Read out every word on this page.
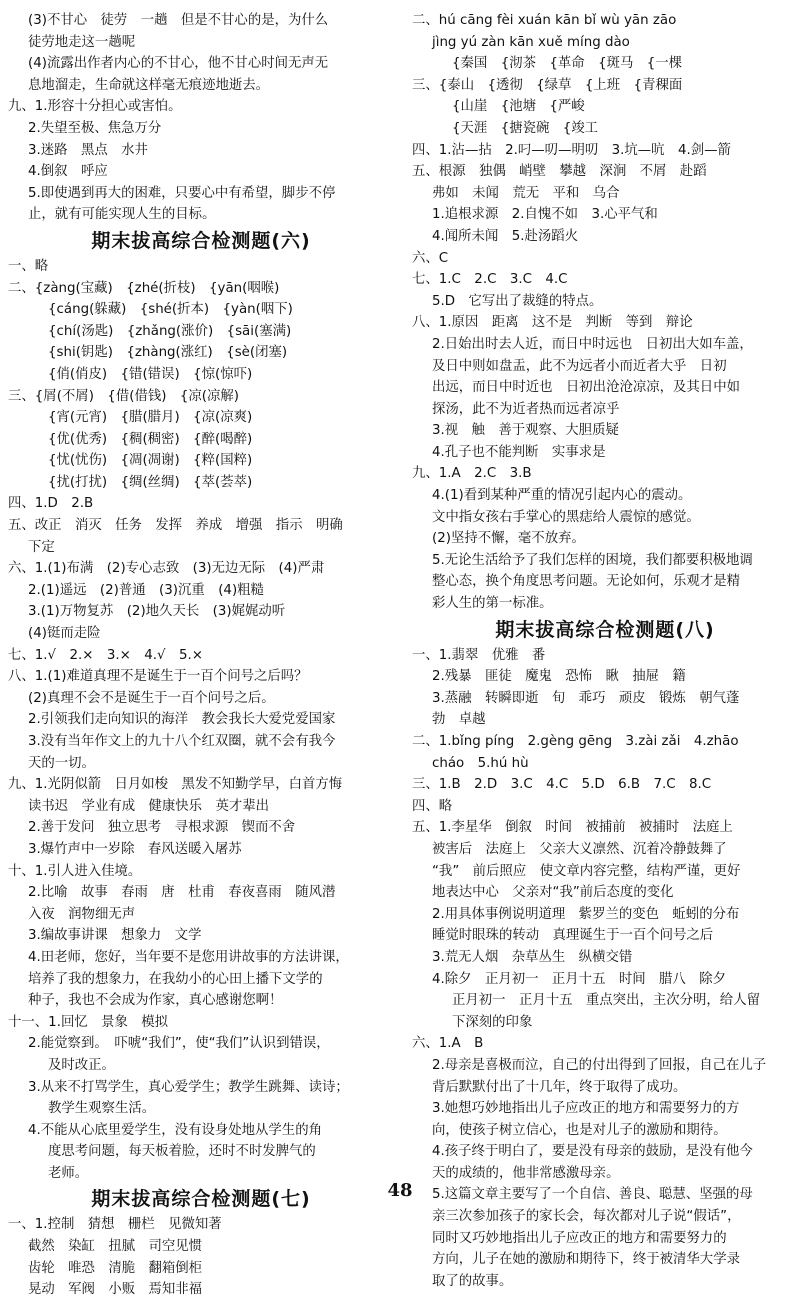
(3)不甘心　徒劳　一趟　但是不甘心的是，为什么
徒劳地走这一趟呢
(4)流露出作者内心的不甘心，他不甘心时间无声无
息地溜走，生命就这样毫无痕迹地逝去。
九、1.形容十分担心或害怕。
2.失望至极、焦急万分
3.迷路　黑点　水井
4.倒叙　呼应
5.即使遇到再大的困难，只要心中有希望，脚步不停
止，就有可能实现人生的目标。
期末拔高综合检测题(六)
一、略
二、{zàng(宝藏)　{zhé(折枝)　{yān(咽喉)
{cáng(躲藏)　{shé(折本)　{yàn(咽下)
{chí(汤匙)　{zhǎng(涨价)　{sāi(塞满)
{shi(钥匙)　{zhàng(涨红)　{sè(闭塞)
{俏(俏皮)　{错(错误)　{惊(惊吓)
三、{屑(不屑)　{借(借钱)　{凉(凉解)
{宵(元宵)　{腊(腊月)　{凉(凉爽)
{优(优秀)　{稠(稠密)　{醉(喝醉)
{忧(忧伤)　{凋(凋谢)　{粹(国粹)
{扰(打扰)　{绸(丝绸)　{萃(荟萃)
四、1.D　2.B
五、改正　消灭　任务　发挥　养成　增强　指示　明确
下定
六、1.(1)布满　(2)专心志致　(3)无边无际　(4)严肃
2.(1)遥远　(2)普通　(3)沉重　(4)粗糙
3.(1)万物复苏　(2)地久天长　(3)娓娓动听
(4)铤而走险
七、1.√　2.×　3.×　4.√　5.×
八、1.(1)难道真理不是诞生于一百个问号之后吗？
(2)真理不会不是诞生于一百个问号之后。
2.引领我们走向知识的海洋　教会我长大爱党爱国家
3.没有当年作文上的九十八个红双圈，就不会有我今
天的一切。
九、1.光阴似箭　日月如梭　黑发不知勤学早，白首方悔
读书迟　学业有成　健康快乐　英才辈出
2.善于发问　独立思考　寻根求源　锲而不舍
3.爆竹声中一岁除　春风送暖入屠苏
十、1.引人进入佳境。
2.比喻　故事　春雨　唐　杜甫　春夜喜雨　随风潜
入夜　润物细无声
3.编故事讲课　想象力　文学
4.田老师，您好，当年要不是您用讲故事的方法讲课，
培养了我的想象力，在我幼小的心田上播下文学的
种子，我也不会成为作家，真心感谢您啊！
十一、1.回忆　景象　模拟
2.能觉察到。　吓唬“我们”，使“我们”认识到错误，
及时改正。
3.从来不打骂学生，真心爱学生；教学生跳舞、读诗；
教学生观察生活。
4.不能从心底里爱学生，没有设身处地从学生的角
度思考问题，每天板着脸，还时不时发脾气的
老师。
期末拔高综合检测题(七)
一、1.控制　猜想　栅栏　见微知著
截然　染缸　扭腻　司空见惯
齿轮　唯恐　清脆　翻箱倒柜
晃动　军阀　小贩　焉知非福
二、hú cāng fèi xuán kān bǐ wù yān zāo
jìng yú zàn kān xuě míng dào
{秦国　{沏茶　{革命　{斑马　{一棵
三、{泰山　{透彻　{绿草　{上班　{青稞面
{山崖　{池塘　{严峻
{天涯　{搪瓷碗　{竣工
四、1.沾—拈　2.叼—叨—明叨　3.坑—吭　4.剑—箭
五、根源　独偶　峭壁　攀越　深涧　不屑　赴蹈
弗如　未闻　荒无　平和　乌合
1.追根求源　2.自愧不如　3.心平气和
4.闻所未闻　5.赴汤蹈火
六、C
七、1.C　2.C　3.C　4.C
5.D　它写出了裁缝的特点。
八、1.原因　距离　这不是　判断　等到　辩论
2.日始出时去人近，而日中时远也　日初出大如车盖，
及日中则如盘盂，此不为远者小而近者大乎　日初
出远，而日中时近也　日初出沧沧凉凉，及其日中如
探汤，此不为近者热而远者凉乎
3.视　触　善于观察、大胆质疑
4.孔子也不能判断　实事求是
九、1.A　2.C　3.B
4.(1)看到某种严重的情况引起内心的震动。
文中指女孩右手掌心的黑痣给人震惊的感觉。
(2)坚持不懈，毫不放弃。
5.无论生活给予了我们怎样的困境，我们都要积极地调
整心态，换个角度思考问题。无论如何，乐观才是精
彩人生的第一标准。
期末拔高综合检测题(八)
一、1.翡翠　优雅　番
2.残暴　匪徒　魔鬼　恐怖　瞅　抽屉　籍
3.蒸融　转瞬即逝　旬　乖巧　顽皮　锻炼　朝气蓬
勃　卓越
二、1.bǐng píng　2.gèng gēng　3.zài zǎi　4.zhāo
cháo　5.hú hù
三、1.B　2.D　3.C　4.C　5.D　6.B　7.C　8.C
四、略
五、1.李星华　倒叙　时间　被捕前　被捕时　法庭上
被害后　法庭上　父亲大义凛然、沉着冷静鼓舞了
“我”　前后照应　使文章内容完整，结构严谨，更好
地表达中心　父亲对“我”前后态度的变化
2.用具体事例说明道理　紫罗兰的变色　蚯蚓的分布
睡觉时眼珠的转动　真理诞生于一百个问号之后
3.荒无人烟　杂草丛生　纵横交错
4.除夕　正月初一　正月十五　时间　腊八　除夕
正月初一　正月十五　重点突出，主次分明，给人留
下深刻的印象
六、1.A　B
2.母亲是喜极而泣，自己的付出得到了回报，自己在儿子
背后默默付出了十几年，终于取得了成功。
3.她想巧妙地指出儿子应改正的地方和需要努力的方
向，使孩子树立信心，也是对儿子的激励和期待。
4.孩子终于明白了，要是没有母亲的鼓励，是没有他今
天的成绩的，他非常感激母亲。
5.这篇文章主要写了一个自信、善良、聪慧、坚强的母
亲三次参加孩子的家长会，每次都对儿子说“假话”，
同时又巧妙地指出儿子应改正的地方和需要努力的
方向，儿子在她的激励和期待下，终于被清华大学录
取了的故事。
48
